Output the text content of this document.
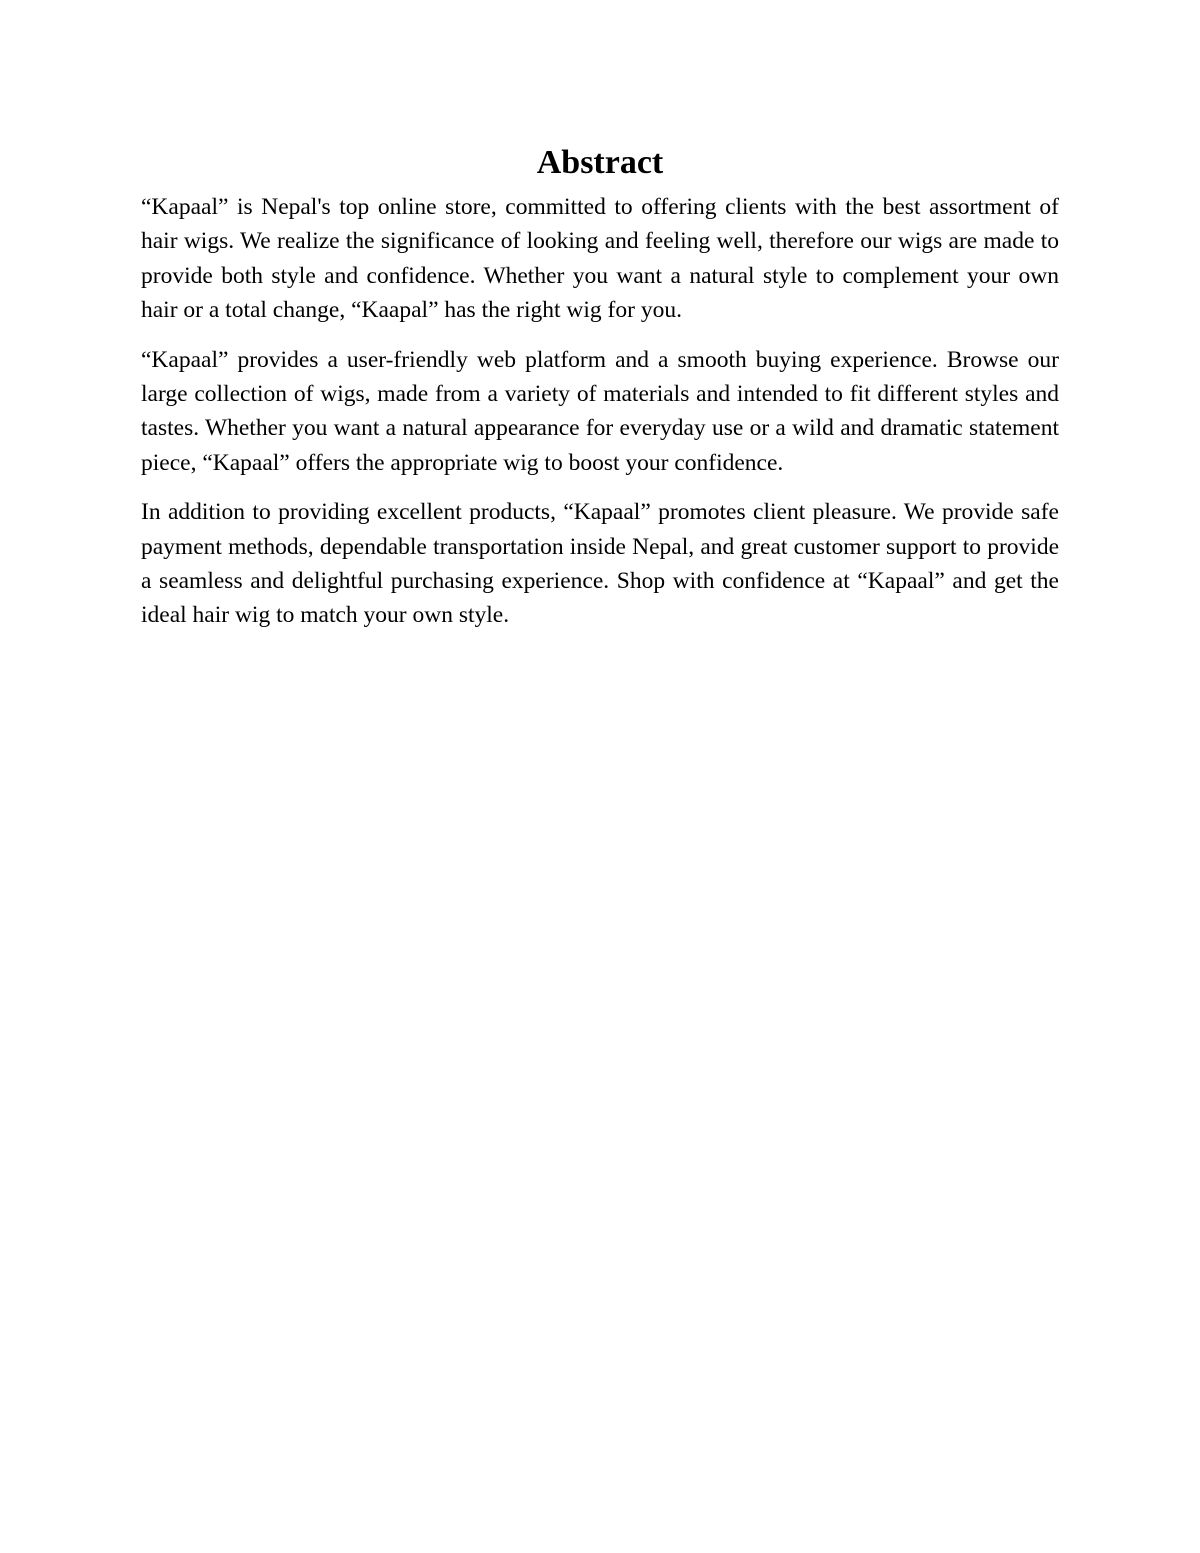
Abstract

“Kapaal” is Nepal's top online store, committed to offering clients with the best assortment of hair wigs. We realize the significance of looking and feeling well, therefore our wigs are made to provide both style and confidence. Whether you want a natural style to complement your own hair or a total change, “Kaapal” has the right wig for you.

“Kapaal” provides a user-friendly web platform and a smooth buying experience. Browse our large collection of wigs, made from a variety of materials and intended to fit different styles and tastes. Whether you want a natural appearance for everyday use or a wild and dramatic statement piece, “Kapaal” offers the appropriate wig to boost your confidence.

In addition to providing excellent products, “Kapaal” promotes client pleasure. We provide safe payment methods, dependable transportation inside Nepal, and great customer support to provide a seamless and delightful purchasing experience. Shop with confidence at “Kapaal” and get the ideal hair wig to match your own style.
